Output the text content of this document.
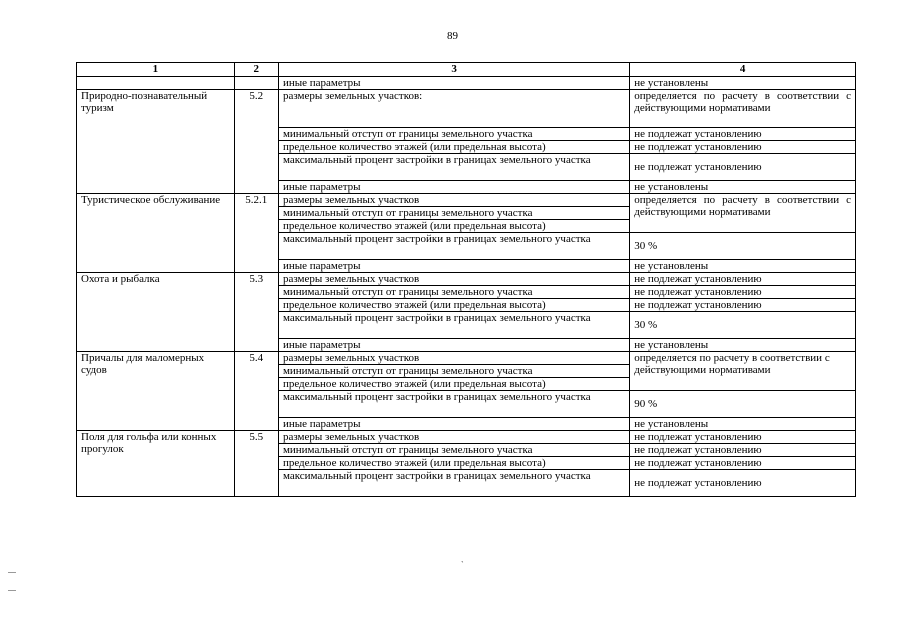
89
1	2	3	4
		иные параметры	не установлены
Природно-познавательный туризм	5.2	размеры земельных участков:	определяется по расчету в соответствии с действующими нормативами
		минимальный отступ от границы земельного участка	не подлежат установлению
		предельное количество этажей (или предельная высота)	не подлежат установлению
		максимальный процент застройки в границах земельного участка	не подлежат установлению
		иные параметры	не установлены
Туристическое обслуживание	5.2.1	размеры земельных участков	определяется по расчету в соответствии с действующими нормативами
		минимальный отступ от границы земельного участка	
		предельное количество этажей (или предельная высота)	
		максимальный процент застройки в границах земельного участка	30 %
		иные параметры	не установлены
Охота и рыбалка	5.3	размеры земельных участков	не подлежат установлению
		минимальный отступ от границы земельного участка	не подлежат установлению
		предельное количество этажей (или предельная высота)	не подлежат установлению
		максимальный процент застройки в границах земельного участка	30 %
		иные параметры	не установлены
Причалы для маломерных судов	5.4	размеры земельных участков	определяется по расчету в соответствии с действующими нормативами
		минимальный отступ от границы земельного участка	
		предельное количество этажей (или предельная высота)	
		максимальный процент застройки в границах земельного участка	90 %
		иные параметры	не установлены
Поля для гольфа или конных прогулок	5.5	размеры земельных участков	не подлежат установлению
		минимальный отступ от границы земельного участка	не подлежат установлению
		предельное количество этажей (или предельная высота)	не подлежат установлению
		максимальный процент застройки в границах земельного участка	не подлежат установлению
`
